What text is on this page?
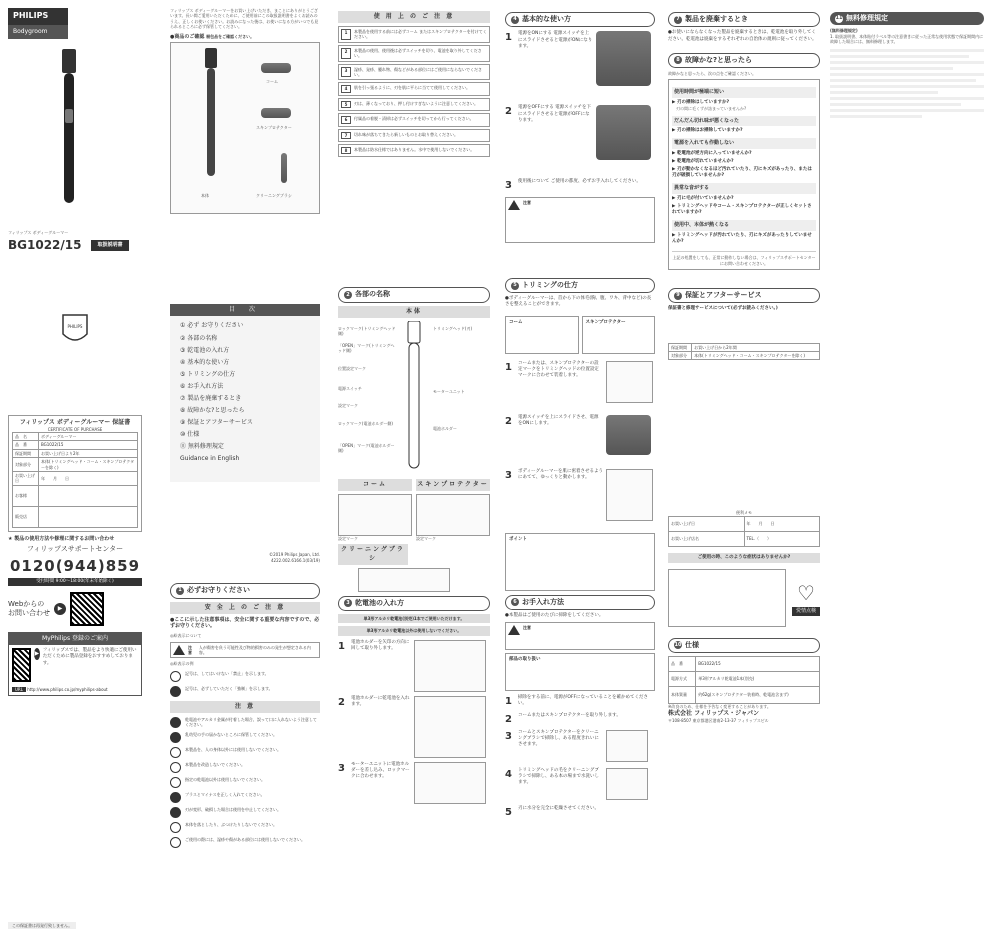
PHILIPS
Bodygroom
フィリップス ボディーグルーマー
BG1022/15	取扱説明書
PHILIPS
フィリップス ボディーグルーマー 保証書
CERTIFICATE OF PURCHASE
品　名	ボディーグルーマー
品　番	BG1022/15
保証期間	お買い上げ日より2年
対象部分	本体(トリミングヘッド・コーム・スキンプロテクターを除く)
お買い上げ日	年　　月　　日
お客様	
販売店	
★ 製品の使用方法や修理に関するお問い合わせ
フィリップスサポートセンター
0120(944)859
受付時間 9:00～18:00(年末年始除く)
Webからの
お問い合わせ
▶
MyPhilips 登録のご案内
▶ フィリップスでは、製品をより快適にご使用いただくために製品登録をおすすめしております。
URL http://www.philips.co.jp/myphilips-about
この保証書は再発行致しません。
フィリップス ボディーグルーマーをお買い上げいただき、まことにありがとうございます。長い間ご愛用いただくために、ご使用前にこの取扱説明書をよくお読みのうえ、正しくお使いください。お読みになった後は、お使いになる方がいつでも見られるところに必ず保管してください。
●商品のご確認 梱包品をご確認ください。
コーム
スキンプロテクター
本体	クリーニングブラシ
目 次
① 必ず お守りください
② 各部の名称
③ 乾電池の入れ方
④ 基本的な使い方
⑤ トリミングの仕方
⑥ お手入れ方法
⑦ 製品を廃棄するとき
⑧ 故障かな?と思ったら
⑨ 保証とアフターサービス
⑩ 仕様
⑪ 無料修理規定
Guidance in English
©2019 Philips Japan, Ltd.
4222.002.6166.1(03/19)
1 必ずお守りください
安 全 上 の ご 注 意
●ここに示した注意事項は、安全に関する重要な内容ですので、必ずお守りください。
◎絵表示について
注意
人が傷害を負う可能性及び物的損害のみの発生が想定される内容。
◎絵表示の例
記号は、してはいけない「禁止」を示します。
記号は、必ずしていただく「強制」を示します。
注 意
乾電池やアルカリ金属が付着した場合、誤って口に入れないよう注意してください。
乳幼児の手の届かないところに保管してください。
本製品を、人の身体以外には使用しないでください。
本製品を改造しないでください。
指定の乾電池以外は使用しないでください。
プラスとマイナスを正しく入れてください。
刃が変形、破損した場合は使用を中止してください。
本体を落としたり、ぶつけたりしないでください。
ご使用の際には、湿疹や傷がある部位には使用しないでください。
使 用 上 の ご 注 意
1	本製品を使用する前には必ずコーム またはスキンプロテクターを付けてください。
2	本製品の使用、使用後は必ずスイッチを切り、電池を取り外してください。
3	湿疹、発疹、腫れ物、傷などがある部位にはご使用にならないでください。
4	肌を引っ張るように、刃を肌に平らに当てて使用してください。
5	刃は、薄くなっており、押し付けすぎないように注意してください。
6	付属品の着脱・清掃は必ずスイッチを切ってから行ってください。
7	切れ味が落ちてきたら新しいものとお取り替えください。
8	本製品は防水仕様ではありません。水中で使用しないでください。
2 各部の名称
本体
ロックマーク(トリミングヘッド側)
「OPEN」マーク(トリミングヘッド側)
位置設定マーク
電源スイッチ
設定マーク
ロックマーク(電池ホルダー側)
「OPEN」マーク(電池ホルダー側)
トリミングヘッド(刃)
モーターユニット
電池ホルダー
コーム
設定マーク
スキンプロテクター
設定マーク
クリーニングブラシ
3 乾電池の入れ方
単3形アルカリ乾電池(別売)1本でご使用いただけます。
単3形アルカリ乾電池以外は使用しないでください。
1	電池ホルダーを矢印の方向に回して取り外します。
2	電池ホルダーに乾電池を入れます。
3	モーターユニットに電池ホルダーを差し込み、ロックマークに合わせます。
4 基本的な使い方
1	電源をONにする 電源スイッチを上にスライドさせると電源がONになります。
2	電源をOFFにする 電源スイッチを下にスライドさせると電源がOFFになります。
3	使用後について ご使用の都度、必ずお手入れしてください。
注意
5 トリミングの仕方
●ボディーグルーマーは、首から下の体毛(胸、腹、ワキ、背中など)の長さを整えることができます。
コーム	スキンプロテクター
1	コームまたは、スキンプロテクターの設定マークをトリミングヘッドの位置設定マークに合わせて装着します。
2	電源スイッチを上にスライドさせ、電源をONにします。
3	ボディーグルーマーを肌に密着させるようにあてて、ゆっくりと動かします。
ポイント
6 お手入れ方法
●本製品はご使用のたびに掃除をしてください。
注意
部品の取り扱い
1	掃除をする前に、電源がOFFになっていることを確かめてください。
2	コームまたはスキンプロテクターを取り外します。
3	コームとスキンプロテクターをクリーニングブラシで掃除し、ある程度きれいにさせます。
4	トリミングヘッドの毛をクリーニングブラシで掃除し、ある本の場まで水洗いします。
5	刃に水分を完全に乾燥させてください。
7 製品を廃棄するとき
●お使いにならなくなった製品を廃棄するときは、乾電池を取り外してください。乾電池は廃棄をするそれぞれの自治体の規則に従ってください。
8 故障かな?と思ったら
故障かなと思ったら、次の点をご確認ください。
使用時間が極端に短い
▶ 刃の掃除はしていますか?
刃の間に毛くずが詰まっていませんか?
だんだん切れ味が悪くなった
▶ 刃の掃除はお掃除していますか?
電源を入れても作動しない
▶ 乾電池が逆方向に入っていませんか?
▶ 乾電池が切れていませんか?
▶ 刃が動かなくなるほど汚れていたり、刃にキズがあったり、または刃が破損していませんか?
異常な音がする
▶ 刃に毛が付いていませんか?
▶ トリミングヘッドやコーム・スキンプロテクターが正しくセットされていますか?
使用中、本体が熱くなる
▶ トリミングヘッドが汚れていたり、刃にキズがあったりしていませんか?
上記の処置をしても、正常に動作しない場合は、フィリップスサポートセンターにお問い合わせください。
9 保証とアフターサービス
保証書と修理サービスについて(必ずお読みください。)
保証期間	お買い上げ日から2年間
対象部分	本体(トリミングヘッド・コーム・スキンプロテクターを除く)
便利メモ
お買い上げ日	年　　月　　日
お買い上げ店名	TEL.（　　）
ご使用の時、このような症状はありませんか?
♡
愛情点検
10 仕様
品　番	BG1022/15
電源方式	単3形アルカリ乾電池1本(別売)
本体質量	約62g(スキンプロテクター装着時、乾電池含まず)
※改良のため、仕様を予告なく変更することがあります。
株式会社 フィリップス・ジャパン
〒108-8507 東京都港区港南2-13-37 フィリップスビル
11 無料修理規定
(無料修理規定)
1. 取扱説明書、本体貼付ラベル等の注意書きに従った正常な使用状態で保証期間内に故障した場合には、無料修理します。
